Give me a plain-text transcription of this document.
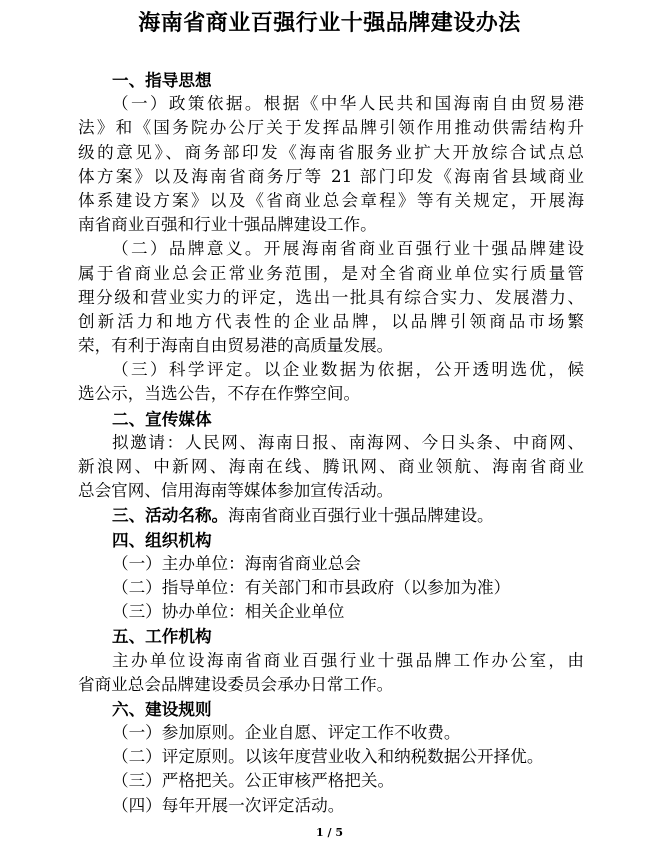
海南省商业百强行业十强品牌建设办法
一、指导思想
（一）政策依据。根据《中华人民共和国海南自由贸易港
法》和《国务院办公厅关于发挥品牌引领作用推动供需结构升
级的意见》、商务部印发《海南省服务业扩大开放综合试点总
体方案》以及海南省商务厅等 21 部门印发《海南省县域商业
体系建设方案》以及《省商业总会章程》等有关规定，开展海
南省商业百强和行业十强品牌建设工作。
（二）品牌意义。开展海南省商业百强行业十强品牌建设
属于省商业总会正常业务范围，是对全省商业单位实行质量管
理分级和营业实力的评定，选出一批具有综合实力、发展潜力、
创新活力和地方代表性的企业品牌，以品牌引领商品市场繁
荣，有利于海南自由贸易港的高质量发展。
（三）科学评定。以企业数据为依据，公开透明选优，候
选公示，当选公告，不存在作弊空间。
二、宣传媒体
拟邀请：人民网、海南日报、南海网、今日头条、中商网、
新浪网、中新网、海南在线、腾讯网、商业领航、海南省商业
总会官网、信用海南等媒体参加宣传活动。
三、活动名称。海南省商业百强行业十强品牌建设。
四、组织机构
（一）主办单位：海南省商业总会
（二）指导单位：有关部门和市县政府（以参加为准）
（三）协办单位：相关企业单位
五、工作机构
主办单位设海南省商业百强行业十强品牌工作办公室，由
省商业总会品牌建设委员会承办日常工作。
六、建设规则
（一）参加原则。企业自愿、评定工作不收费。
（二）评定原则。以该年度营业收入和纳税数据公开择优。
（三）严格把关。公正审核严格把关。
（四）每年开展一次评定活动。
1 / 5
